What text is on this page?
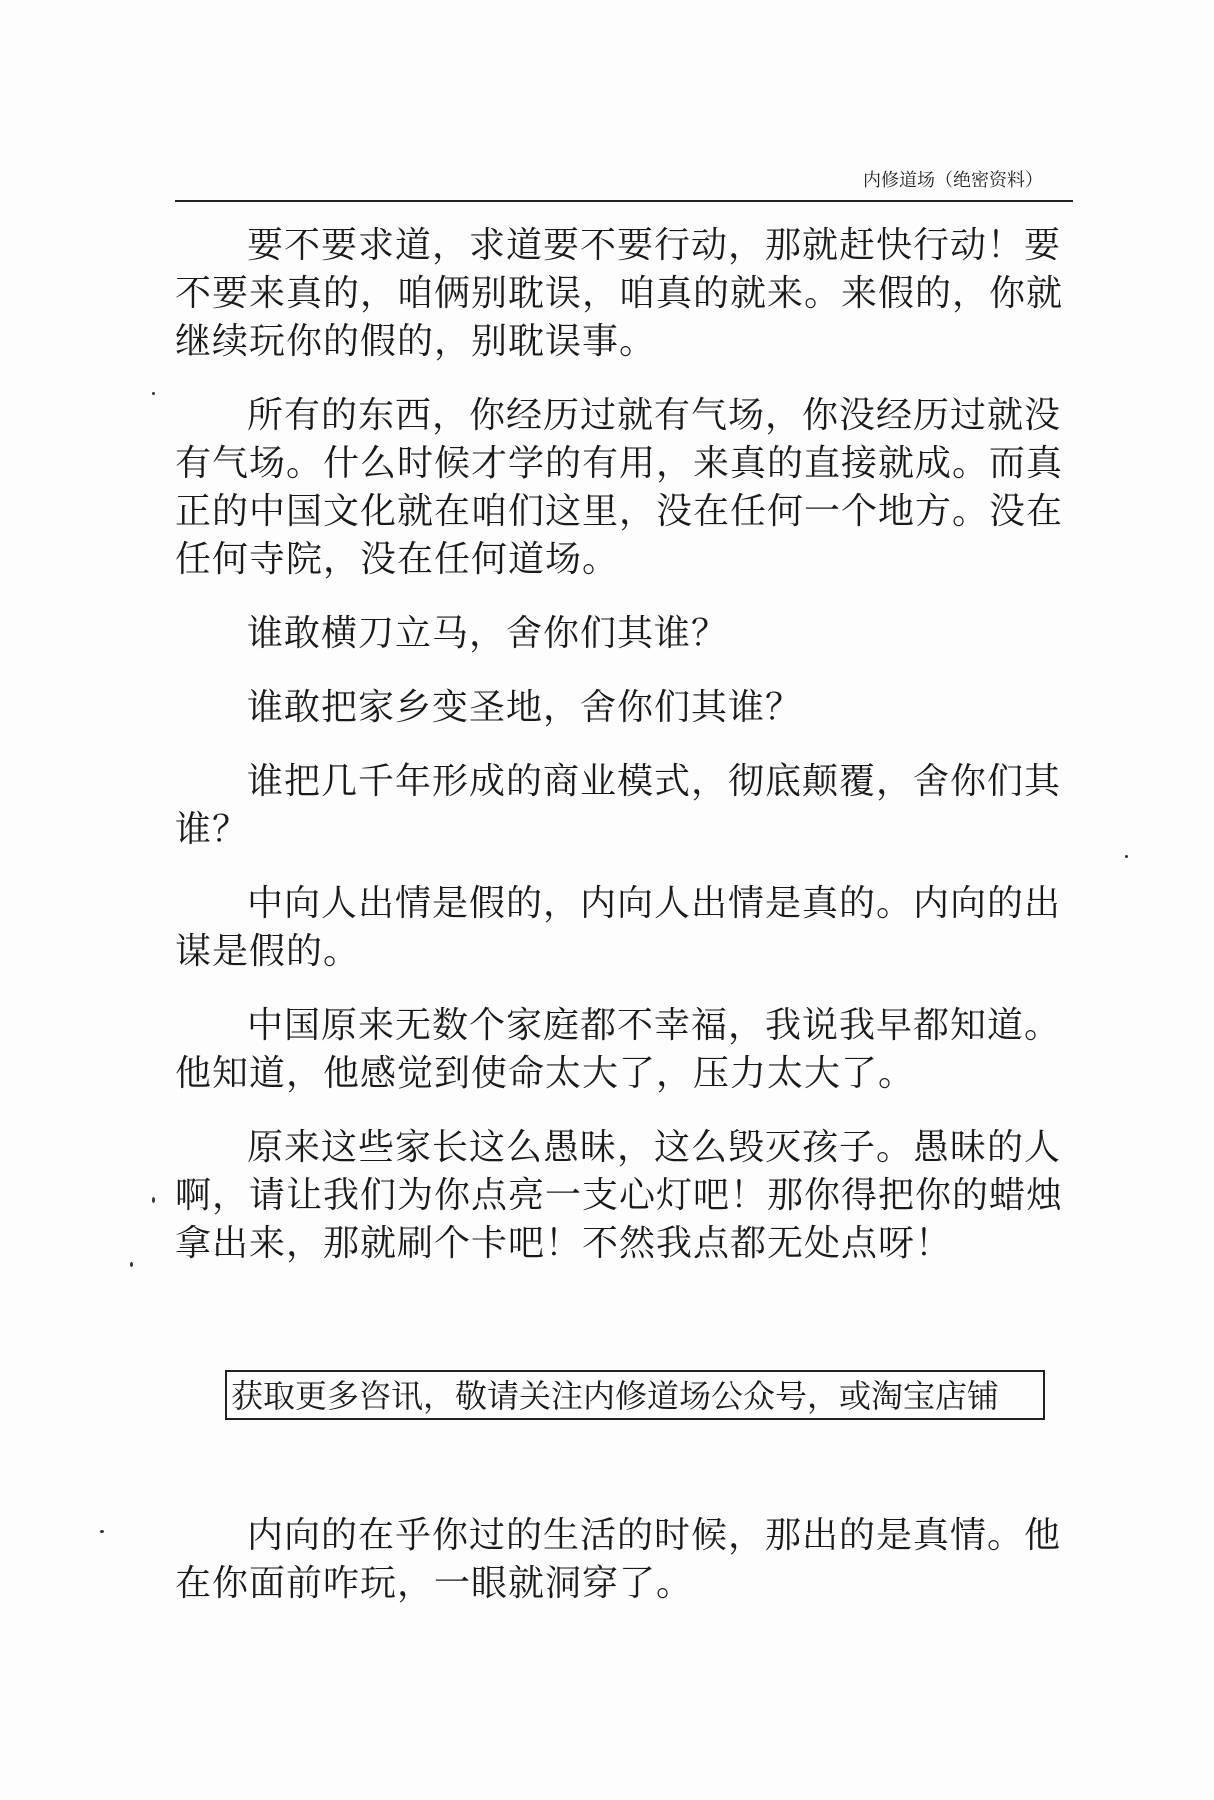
内修道场（绝密资料）

要不要求道，求道要不要行动，那就赶快行动！要不要来真的，咱俩别耽误，咱真的就来。来假的，你就继续玩你的假的，别耽误事。

所有的东西，你经历过就有气场，你没经历过就没有气场。什么时候才学的有用，来真的直接就成。而真正的中国文化就在咱们这里，没在任何一个地方。没在任何寺院，没在任何道场。

谁敢横刀立马，舍你们其谁？

谁敢把家乡变圣地，舍你们其谁？

谁把几千年形成的商业模式，彻底颠覆，舍你们其谁？

中向人出情是假的，内向人出情是真的。内向的出谋是假的。

中国原来无数个家庭都不幸福，我说我早都知道。他知道，他感觉到使命太大了，压力太大了。

原来这些家长这么愚昧，这么毁灭孩子。愚昧的人啊，请让我们为你点亮一支心灯吧！那你得把你的蜡烛拿出来，那就刷个卡吧！不然我点都无处点呀！

获取更多咨讯，敬请关注内修道场公众号，或淘宝店铺

内向的在乎你过的生活的时候，那出的是真情。他在你面前咋玩，一眼就洞穿了。
